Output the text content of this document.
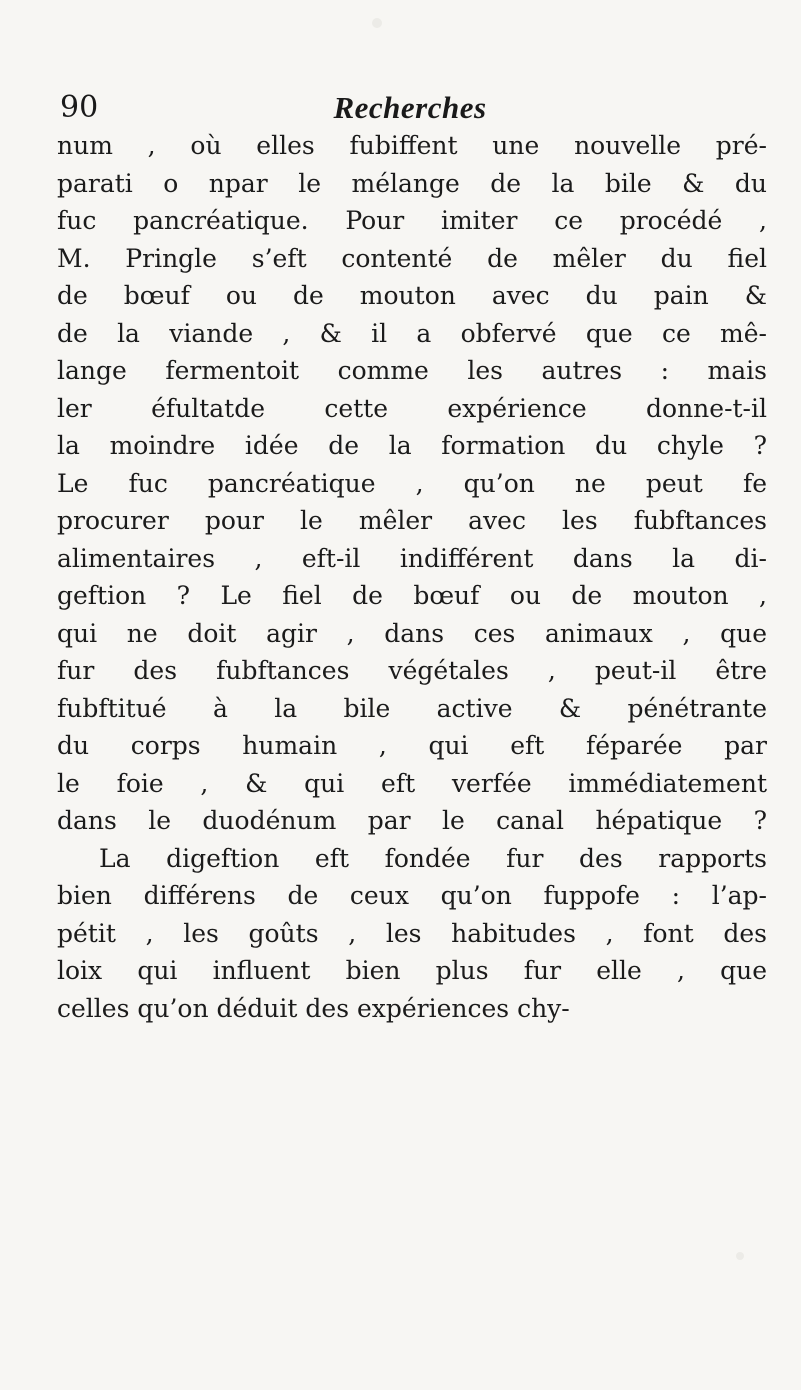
90	Recherches
num , où elles fubiffent une nouvelle pré-
parati o npar le mélange de la bile & du
fuc pancréatique. Pour imiter ce procédé ,
M. Pringle s’eft contenté de mêler du fiel
de bœuf ou de mouton avec du pain &
de la viande , & il a obfervé que ce mê-
lange fermentoit comme les autres : mais
ler éfultatde cette expérience donne-t-il
la moindre idée de la formation du chyle ?
Le fuc pancréatique , qu’on ne peut fe
procurer pour le mêler avec les fubftances
alimentaires , eft-il indifférent dans la di-
geftion ? Le fiel de bœuf ou de mouton ,
qui ne doit agir , dans ces animaux , que
fur des fubftances végétales , peut-il être
fubftitué à la bile active & pénétrante
du corps humain , qui eft féparée par
le foie , & qui eft verfée immédiatement
dans le duodénum par le canal hépatique ?
La digeftion eft fondée fur des rapports
bien différens de ceux qu’on fuppofe : l’ap-
pétit , les goûts , les habitudes , font des
loix qui influent bien plus fur elle , que
celles qu’on déduit des expériences chy-
